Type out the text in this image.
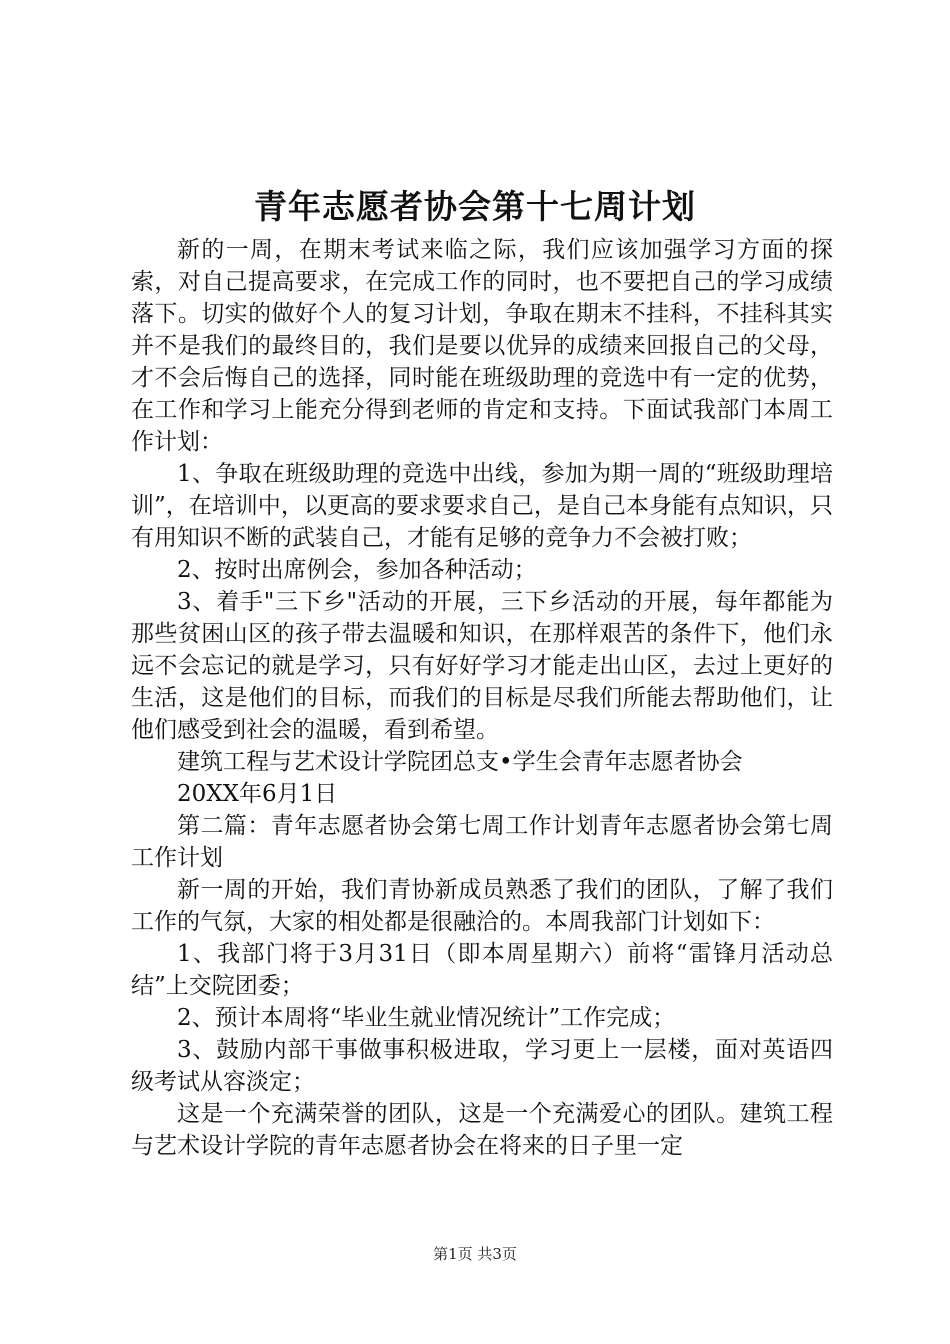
青年志愿者协会第十七周计划

新的一周，在期末考试来临之际，我们应该加强学习方面的探索，对自己提高要求，在完成工作的同时，也不要把自己的学习成绩落下。切实的做好个人的复习计划，争取在期末不挂科，不挂科其实并不是我们的最终目的，我们是要以优异的成绩来回报自己的父母，才不会后悔自己的选择，同时能在班级助理的竞选中有一定的优势，在工作和学习上能充分得到老师的肯定和支持。下面试我部门本周工作计划：

1、争取在班级助理的竞选中出线，参加为期一周的“班级助理培训”，在培训中，以更高的要求要求自己，是自己本身能有点知识，只有用知识不断的武装自己，才能有足够的竞争力不会被打败；

2、按时出席例会，参加各种活动；

3、着手"三下乡"活动的开展，三下乡活动的开展，每年都能为那些贫困山区的孩子带去温暖和知识，在那样艰苦的条件下，他们永远不会忘记的就是学习，只有好好学习才能走出山区，去过上更好的生活，这是他们的目标，而我们的目标是尽我们所能去帮助他们，让他们感受到社会的温暖，看到希望。

建筑工程与艺术设计学院团总支•学生会青年志愿者协会

20XX年6月1日

第二篇：青年志愿者协会第七周工作计划青年志愿者协会第七周工作计划

新一周的开始，我们青协新成员熟悉了我们的团队，了解了我们工作的气氛，大家的相处都是很融洽的。本周我部门计划如下：

1、我部门将于3月31日（即本周星期六）前将“雷锋月活动总结”上交院团委；

2、预计本周将“毕业生就业情况统计”工作完成；

3、鼓励内部干事做事积极进取，学习更上一层楼，面对英语四级考试从容淡定；

这是一个充满荣誉的团队，这是一个充满爱心的团队。建筑工程与艺术设计学院的青年志愿者协会在将来的日子里一定

第1页 共3页
